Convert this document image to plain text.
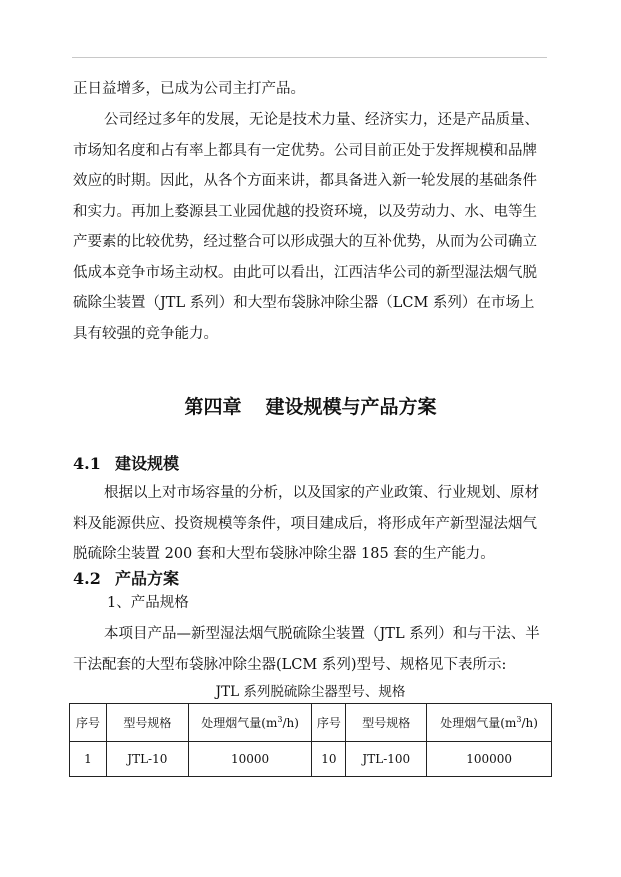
正日益增多，已成为公司主打产品。

公司经过多年的发展，无论是技术力量、经济实力，还是产品质量、
市场知名度和占有率上都具有一定优势。公司目前正处于发挥规模和品牌
效应的时期。因此，从各个方面来讲，都具备进入新一轮发展的基础条件
和实力。再加上婺源县工业园优越的投资环境，以及劳动力、水、电等生
产要素的比较优势，经过整合可以形成强大的互补优势，从而为公司确立
低成本竞争市场主动权。由此可以看出，江西洁华公司的新型湿法烟气脱
硫除尘装置（JTL 系列）和大型布袋脉冲除尘器（LCM 系列）在市场上
具有较强的竞争能力。

第四章 建设规模与产品方案
4.1 建设规模

根据以上对市场容量的分析，以及国家的产业政策、行业规划、原材
料及能源供应、投资规模等条件，项目建成后，将形成年产新型湿法烟气
脱硫除尘装置 200 套和大型布袋脉冲除尘器 185 套的生产能力。

4.2 产品方案

1、产品规格

本项目产品—新型湿法烟气脱硫除尘装置（JTL 系列）和与干法、半
干法配套的大型布袋脉冲除尘器(LCM 系列)型号、规格见下表所示:

JTL 系列脱硫除尘器型号、规格
序号	型号规格	处理烟气量$(m^3/h)$	序号	型号规格	处理烟气量$(m^3/h)$
1	JTL-10	10000	10	JTL-100	100000
